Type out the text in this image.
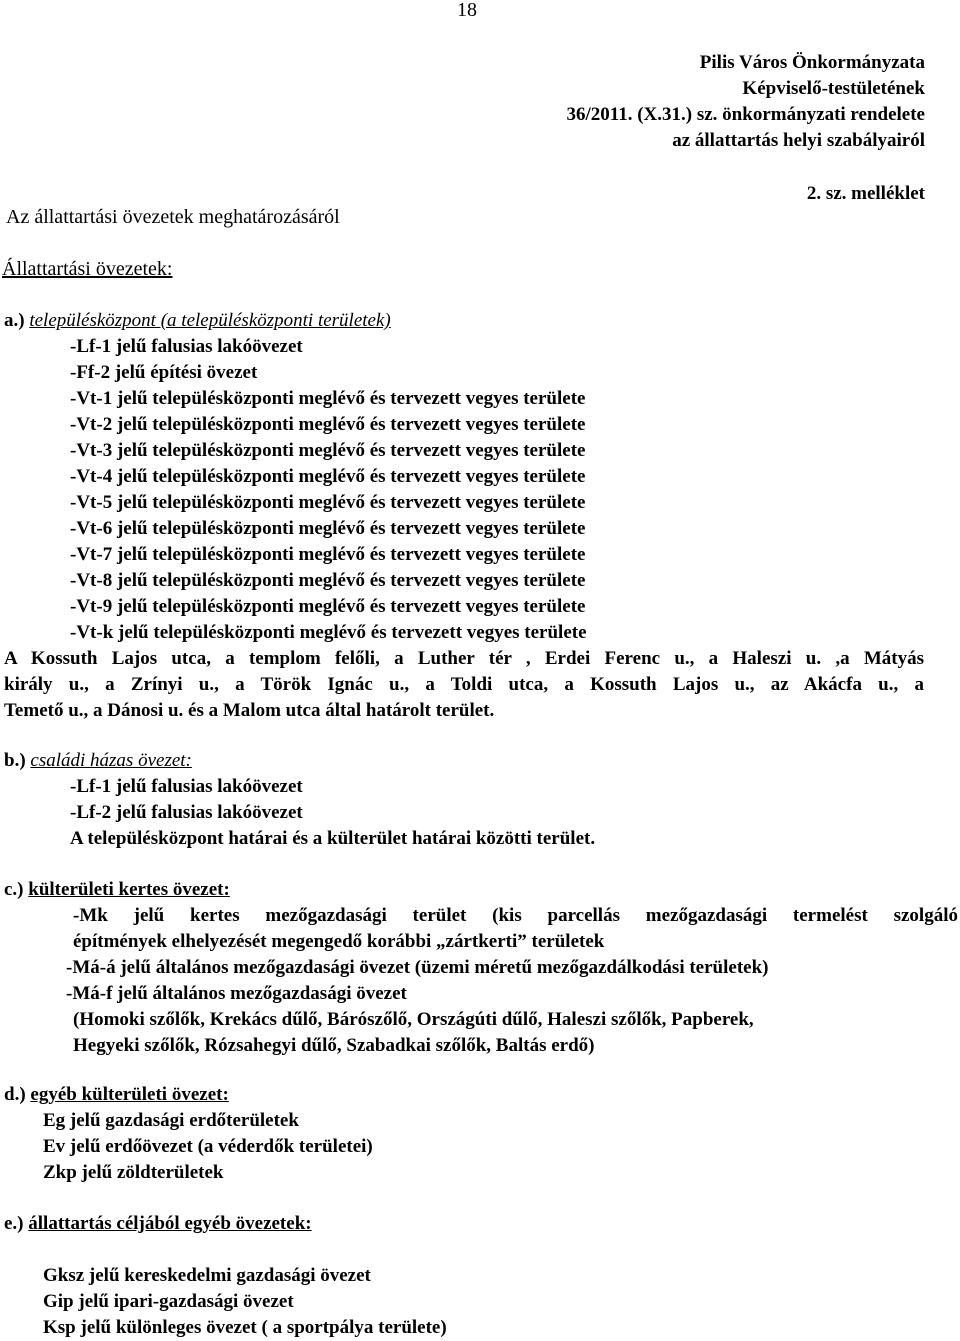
18
Pilis Város Önkormányzata
Képviselő-testületének
36/2011. (X.31.) sz. önkormányzati rendelete
az állattartás helyi szabályairól
2. sz. melléklet
Az állattartási övezetek meghatározásáról
Állattartási övezetek:
a.) településközpont (a településközponti területek)
-Lf-1 jelű falusias lakóövezet
-Ff-2 jelű építési övezet
-Vt-1 jelű településközponti meglévő és tervezett vegyes területe
-Vt-2 jelű településközponti meglévő és tervezett vegyes területe
-Vt-3 jelű településközponti meglévő és tervezett vegyes területe
-Vt-4 jelű településközponti meglévő és tervezett vegyes területe
-Vt-5 jelű településközponti meglévő és tervezett vegyes területe
-Vt-6 jelű településközponti meglévő és tervezett vegyes területe
-Vt-7 jelű településközponti meglévő és tervezett vegyes területe
-Vt-8 jelű településközponti meglévő és tervezett vegyes területe
-Vt-9 jelű településközponti meglévő és tervezett vegyes területe
-Vt-k jelű településközponti meglévő és tervezett vegyes területe
A Kossuth Lajos utca, a templom felőli, a Luther tér , Erdei Ferenc u., a Haleszi u. ,a Mátyás
király u., a Zrínyi u., a Török Ignác u., a Toldi utca, a Kossuth Lajos u., az Akácfa u., a
Temető u., a Dánosi u. és a Malom utca által határolt terület.
b.) családi házas övezet:
-Lf-1 jelű falusias lakóövezet
-Lf-2 jelű falusias lakóövezet
A településközpont határai és a külterület határai közötti terület.
c.) külterületi kertes övezet:
-Mk jelű kertes mezőgazdasági terület (kis parcellás mezőgazdasági termelést szolgáló
építmények elhelyezését megengedő korábbi „zártkerti” területek
-Má-á jelű általános mezőgazdasági övezet (üzemi méretű mezőgazdálkodási területek)
-Má-f jelű általános mezőgazdasági övezet
(Homoki szőlők, Krekács dűlő, Bárószőlő, Országúti dűlő, Haleszi szőlők, Papberek,
Hegyeki szőlők, Rózsahegyi dűlő, Szabadkai szőlők, Baltás erdő)
d.) egyéb külterületi övezet:
Eg jelű gazdasági erdőterületek
Ev jelű erdőövezet (a véderdők területei)
Zkp jelű zöldterületek
e.) állattartás céljából egyéb övezetek:
Gksz jelű kereskedelmi gazdasági övezet
Gip jelű ipari-gazdasági övezet
Ksp jelű különleges övezet ( a sportpálya területe)
